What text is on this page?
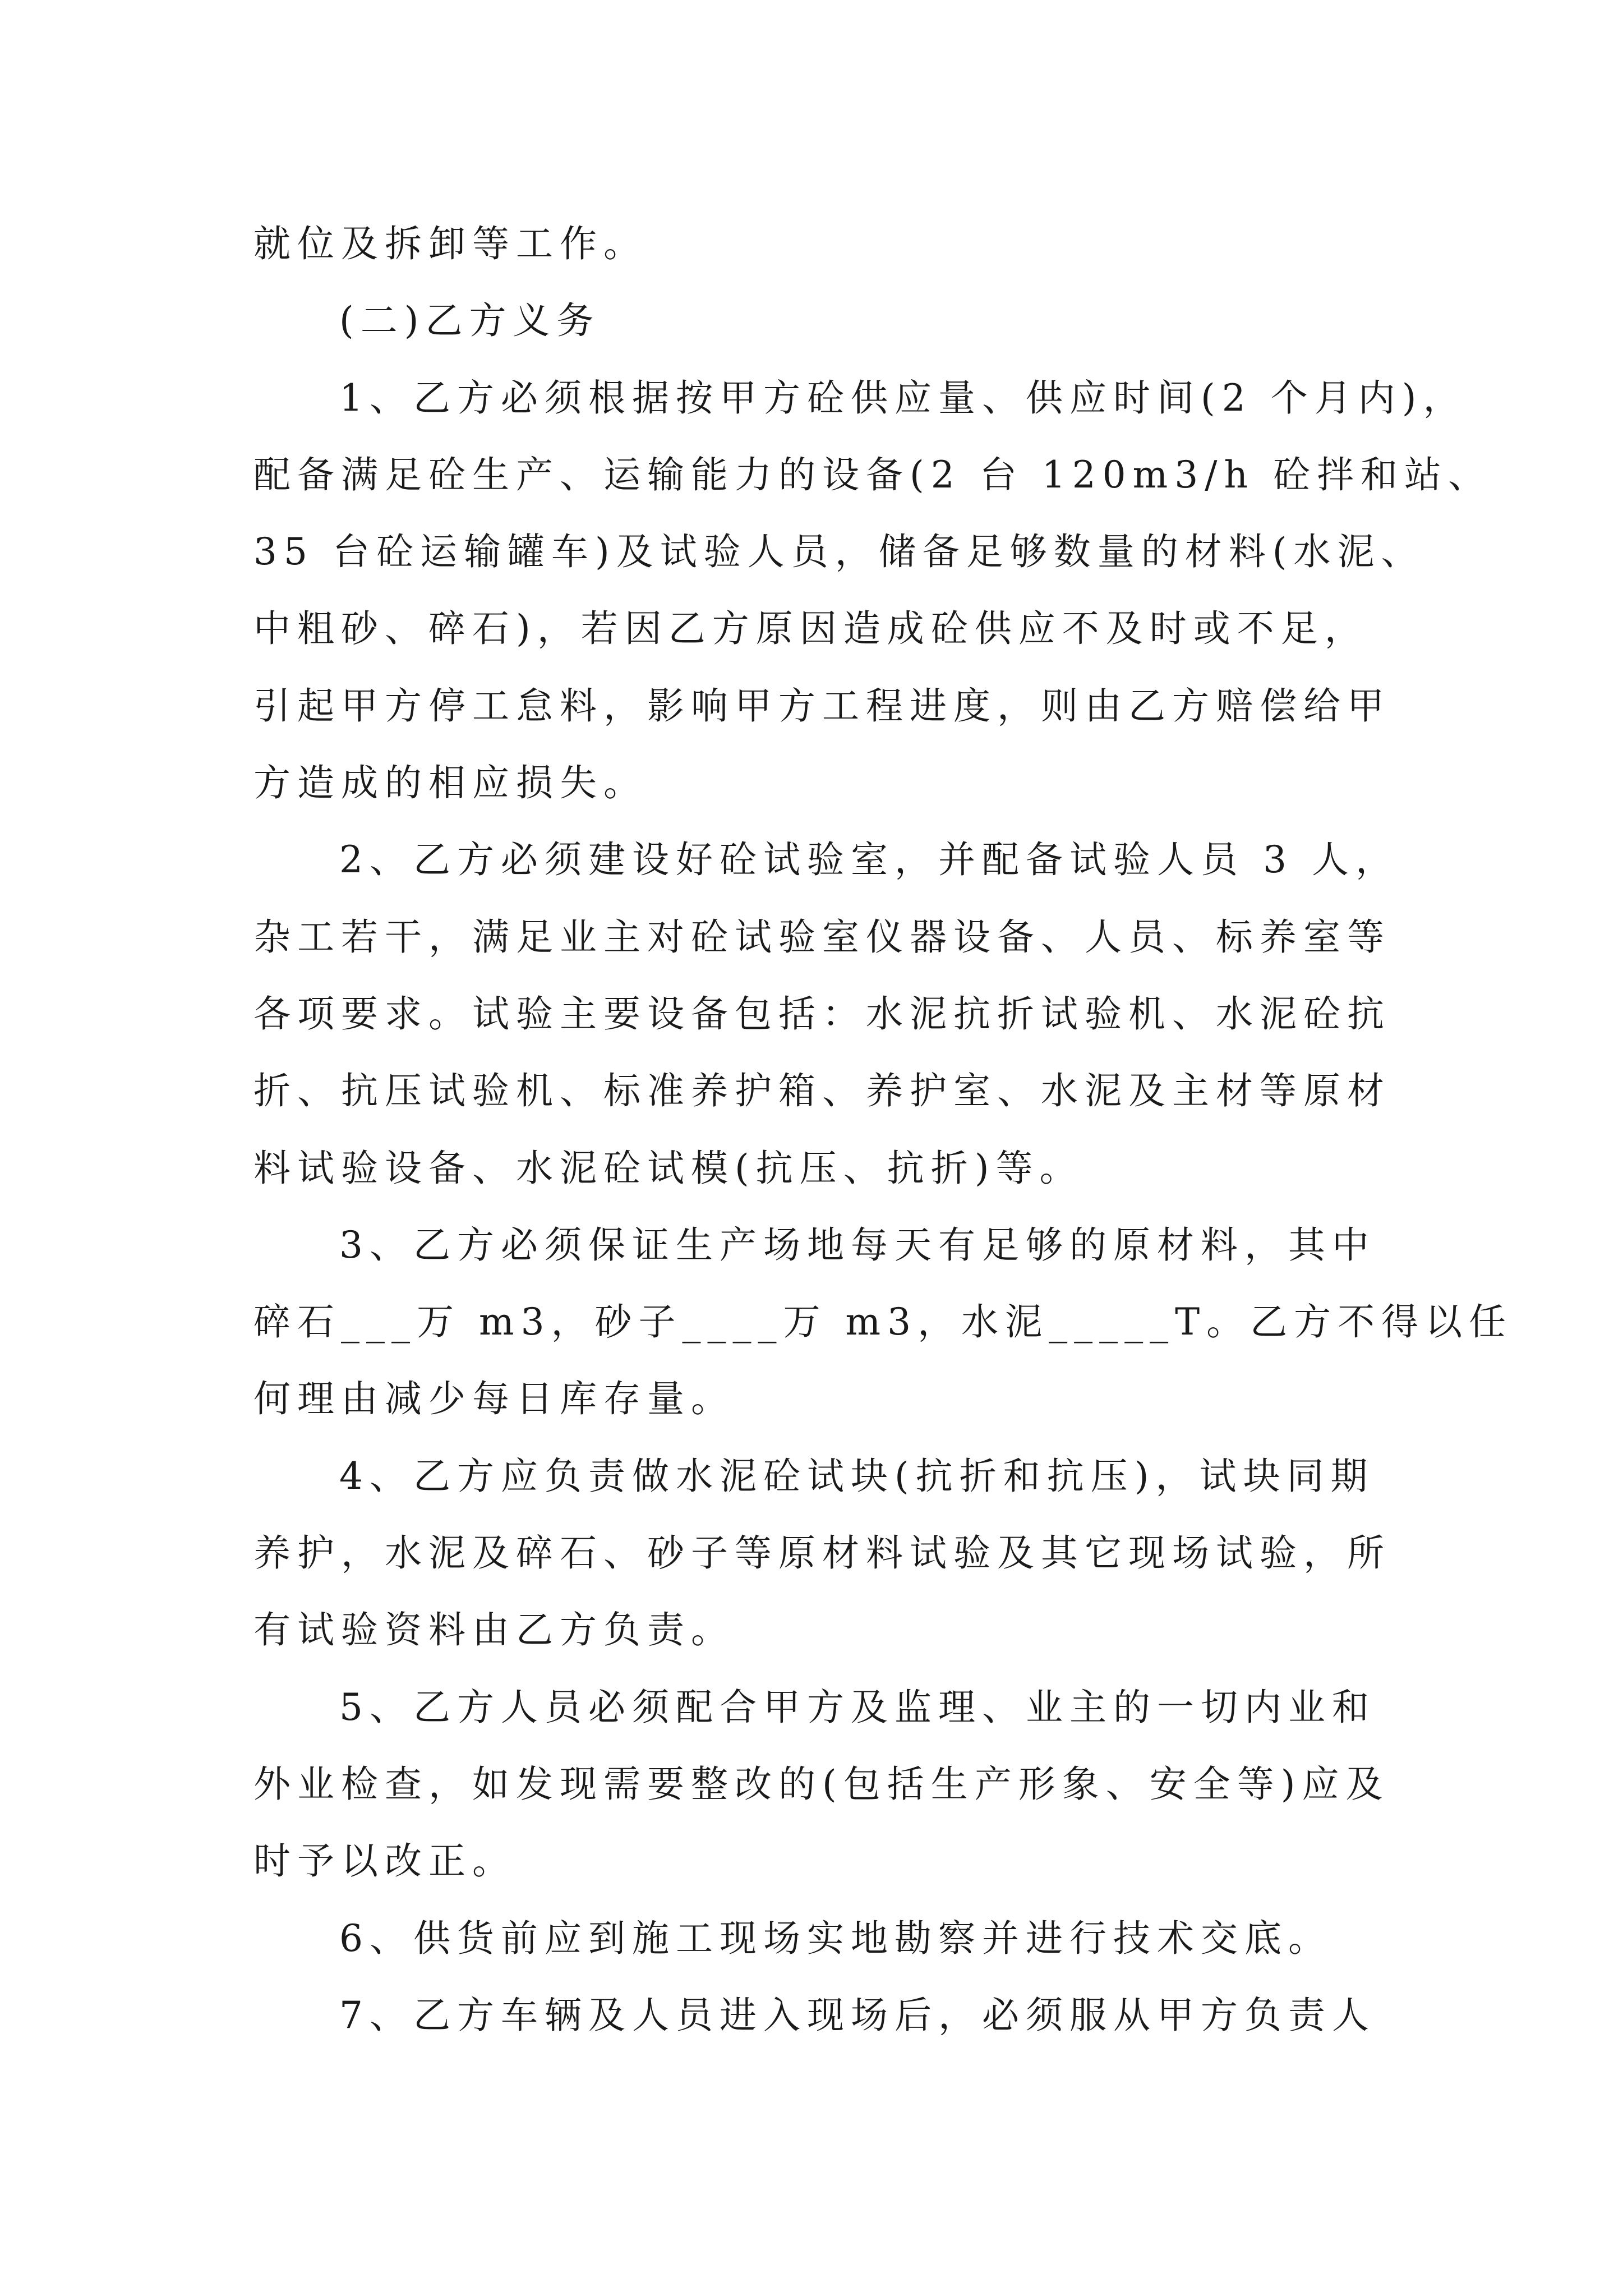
就位及拆卸等工作。
(二)乙方义务
1、乙方必须根据按甲方砼供应量、供应时间(2 个月内)，
配备满足砼生产、运输能力的设备(2 台 120m3/h 砼拌和站、
35 台砼运输罐车)及试验人员，储备足够数量的材料(水泥、
中粗砂、碎石)，若因乙方原因造成砼供应不及时或不足，
引起甲方停工怠料，影响甲方工程进度，则由乙方赔偿给甲
方造成的相应损失。
2、乙方必须建设好砼试验室，并配备试验人员 3 人，
杂工若干，满足业主对砼试验室仪器设备、人员、标养室等
各项要求。试验主要设备包括：水泥抗折试验机、水泥砼抗
折、抗压试验机、标准养护箱、养护室、水泥及主材等原材
料试验设备、水泥砼试模(抗压、抗折)等。
3、乙方必须保证生产场地每天有足够的原材料，其中
碎石___万 m3，砂子____万 m3，水泥_____T。乙方不得以任
何理由减少每日库存量。
4、乙方应负责做水泥砼试块(抗折和抗压)，试块同期
养护，水泥及碎石、砂子等原材料试验及其它现场试验，所
有试验资料由乙方负责。
5、乙方人员必须配合甲方及监理、业主的一切内业和
外业检查，如发现需要整改的(包括生产形象、安全等)应及
时予以改正。
6、供货前应到施工现场实地勘察并进行技术交底。
7、乙方车辆及人员进入现场后，必须服从甲方负责人
